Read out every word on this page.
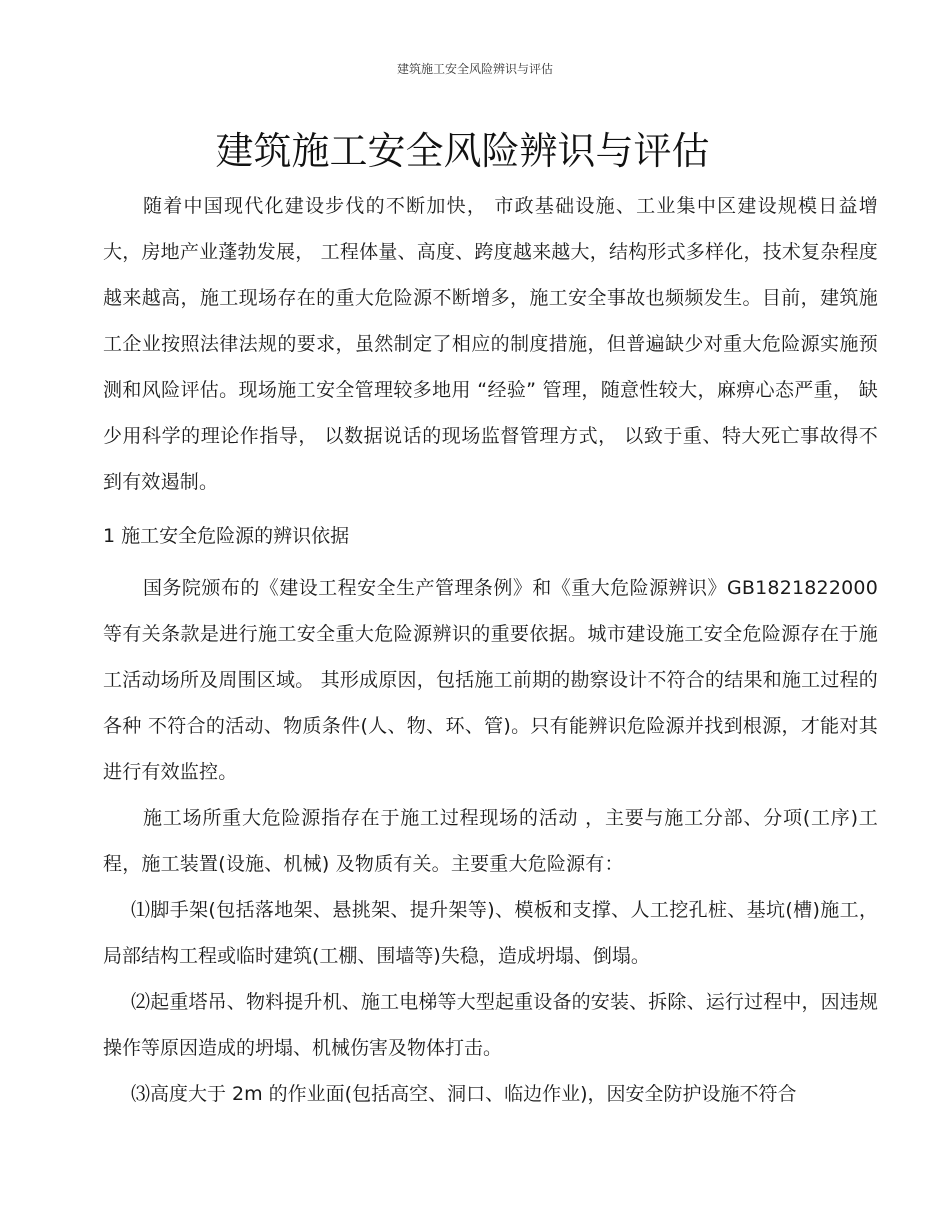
建筑施工安全风险辨识与评估
建筑施工安全风险辨识与评估

随着中国现代化建设步伐的不断加快， 市政基础设施、工业集中区建设规模日益增大，房地产业蓬勃发展， 工程体量、高度、跨度越来越大，结构形式多样化，技术复杂程度越来越高，施工现场存在的重大危险源不断增多，施工安全事故也频频发生。目前，建筑施工企业按照法律法规的要求，虽然制定了相应的制度措施，但普遍缺少对重大危险源实施预测和风险评估。现场施工安全管理较多地用 “经验” 管理，随意性较大，麻痹心态严重， 缺少用科学的理论作指导， 以数据说话的现场监督管理方式， 以致于重、特大死亡事故得不到有效遏制。

1 施工安全危险源的辨识依据

国务院颁布的《建设工程安全生产管理条例》和《重大危险源辨识》GB1821822000等有关条款是进行施工安全重大危险源辨识的重要依据。城市建设施工安全危险源存在于施工活动场所及周围区域。 其形成原因，包括施工前期的勘察设计不符合的结果和施工过程的各种 不符合的活动、物质条件(人、物、环、管)。只有能辨识危险源并找到根源，才能对其进行有效监控。

施工场所重大危险源指存在于施工过程现场的活动 ，主要与施工分部、分项(工序)工程，施工装置(设施、机械) 及物质有关。主要重大危险源有：

⑴脚手架(包括落地架、悬挑架、提升架等)、模板和支撑、人工挖孔桩、基坑(槽)施工，局部结构工程或临时建筑(工棚、围墙等)失稳，造成坍塌、倒塌。

⑵起重塔吊、物料提升机、施工电梯等大型起重设备的安装、拆除、运行过程中，因违规操作等原因造成的坍塌、机械伤害及物体打击。

⑶高度大于 2m 的作业面(包括高空、洞口、临边作业)，因安全防护设施不符合
